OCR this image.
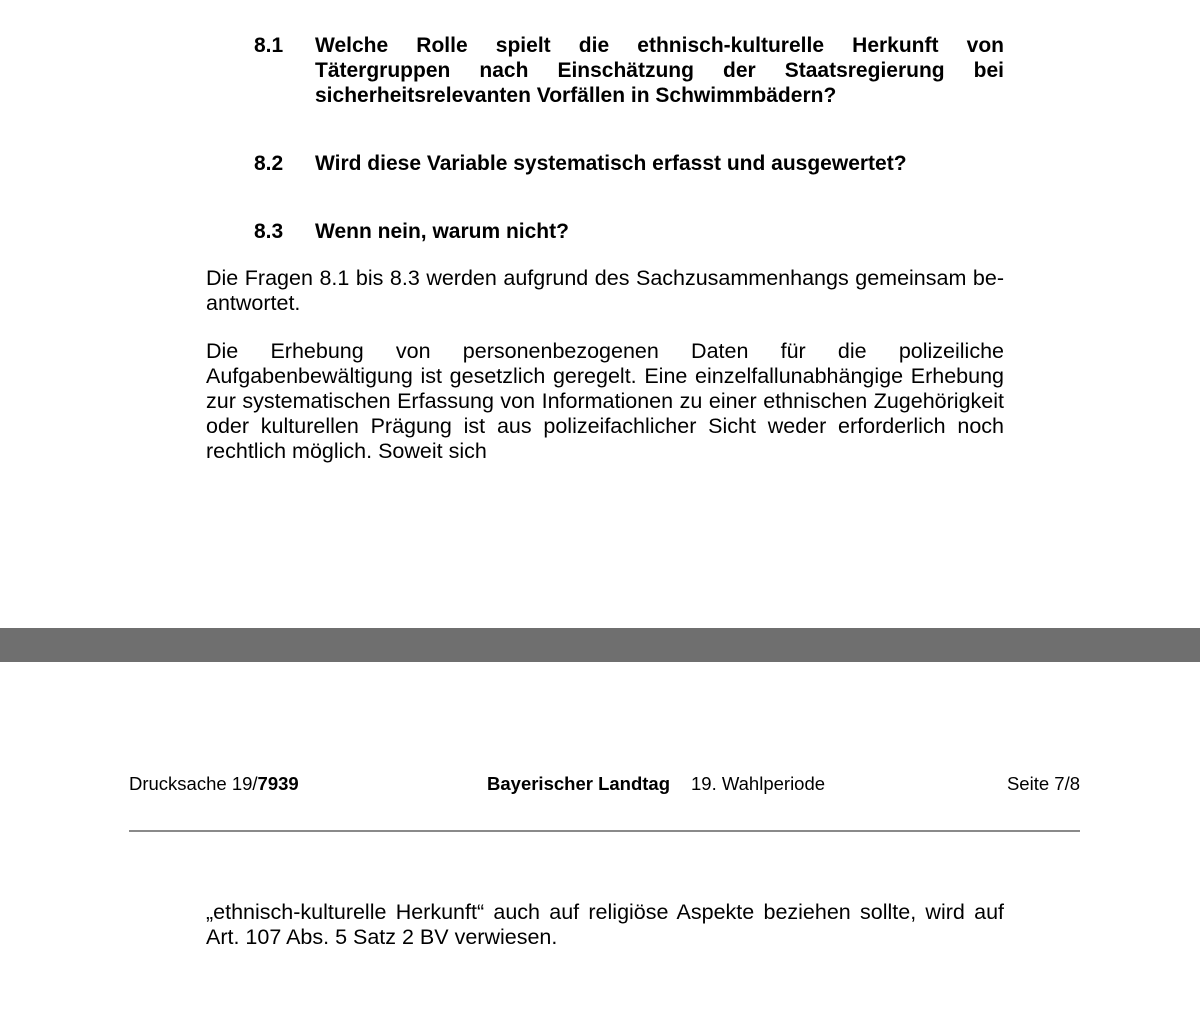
8.1	Welche Rolle spielt die ethnisch-kulturelle Herkunft von Tätergruppen nach Einschätzung der Staatsregierung bei sicherheitsrelevanten Vorfällen in Schwimmbädern?
8.2	Wird diese Variable systematisch erfasst und ausgewertet?
8.3	Wenn nein, warum nicht?
Die Fragen 8.1 bis 8.3 werden aufgrund des Sachzusammenhangs gemeinsam beantwortet.
Die Erhebung von personenbezogenen Daten für die polizeiliche Aufgabenbewältigung ist gesetzlich geregelt. Eine einzelfallunabhängige Erhebung zur systematischen Erfassung von Informationen zu einer ethnischen Zugehörigkeit oder kulturellen Prägung ist aus polizeifachlicher Sicht weder erforderlich noch rechtlich möglich. Soweit sich
Drucksache 19/7939	Bayerischer Landtag 19. Wahlperiode	Seite 7/8
„ethnisch-kulturelle Herkunft“ auch auf religiöse Aspekte beziehen sollte, wird auf Art. 107 Abs. 5 Satz 2 BV verwiesen.
